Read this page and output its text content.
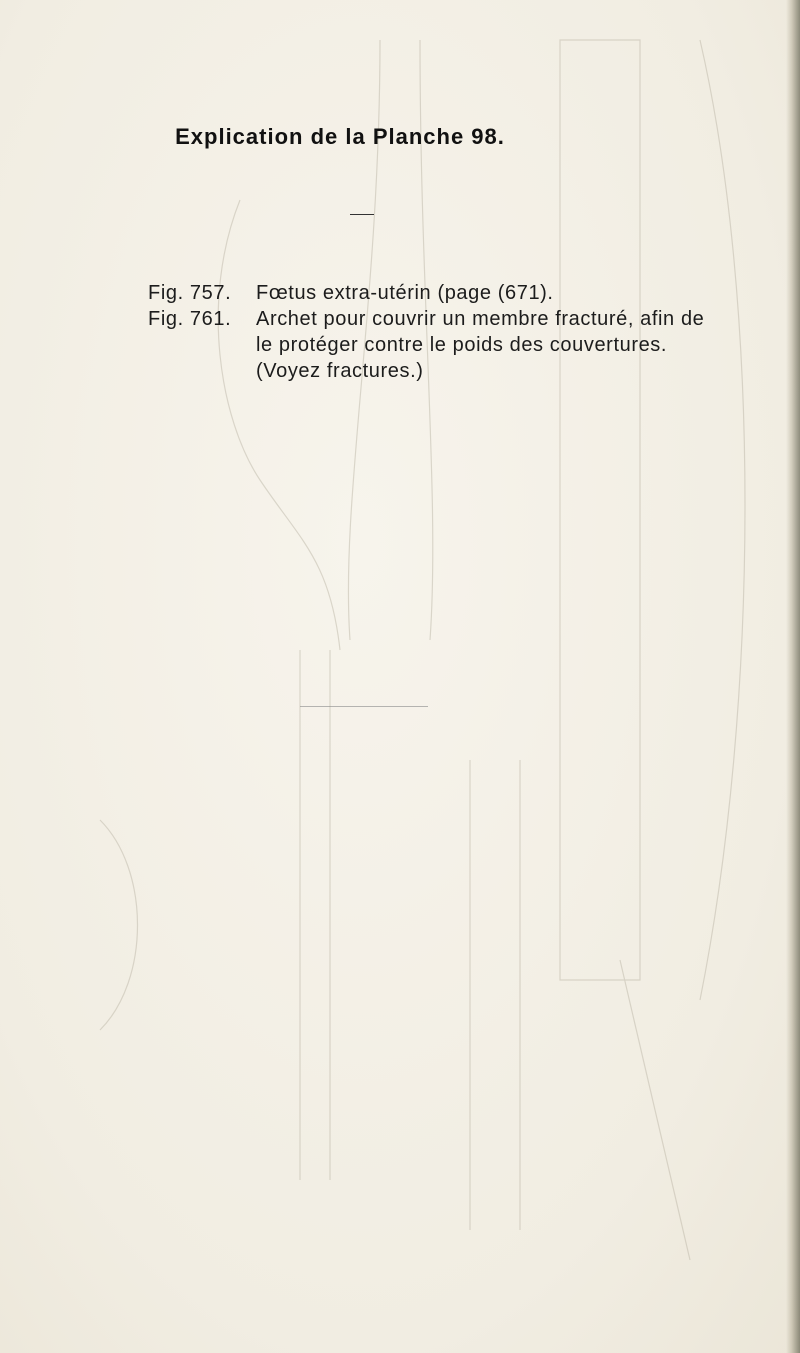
Explication de la Planche 98.
Fig. 757.	Fœtus extra-utérin (page (671).
Fig. 761.	Archet pour couvrir un membre fracturé, afin de le protéger contre le poids des couvertures. (Voyez fractures.)
